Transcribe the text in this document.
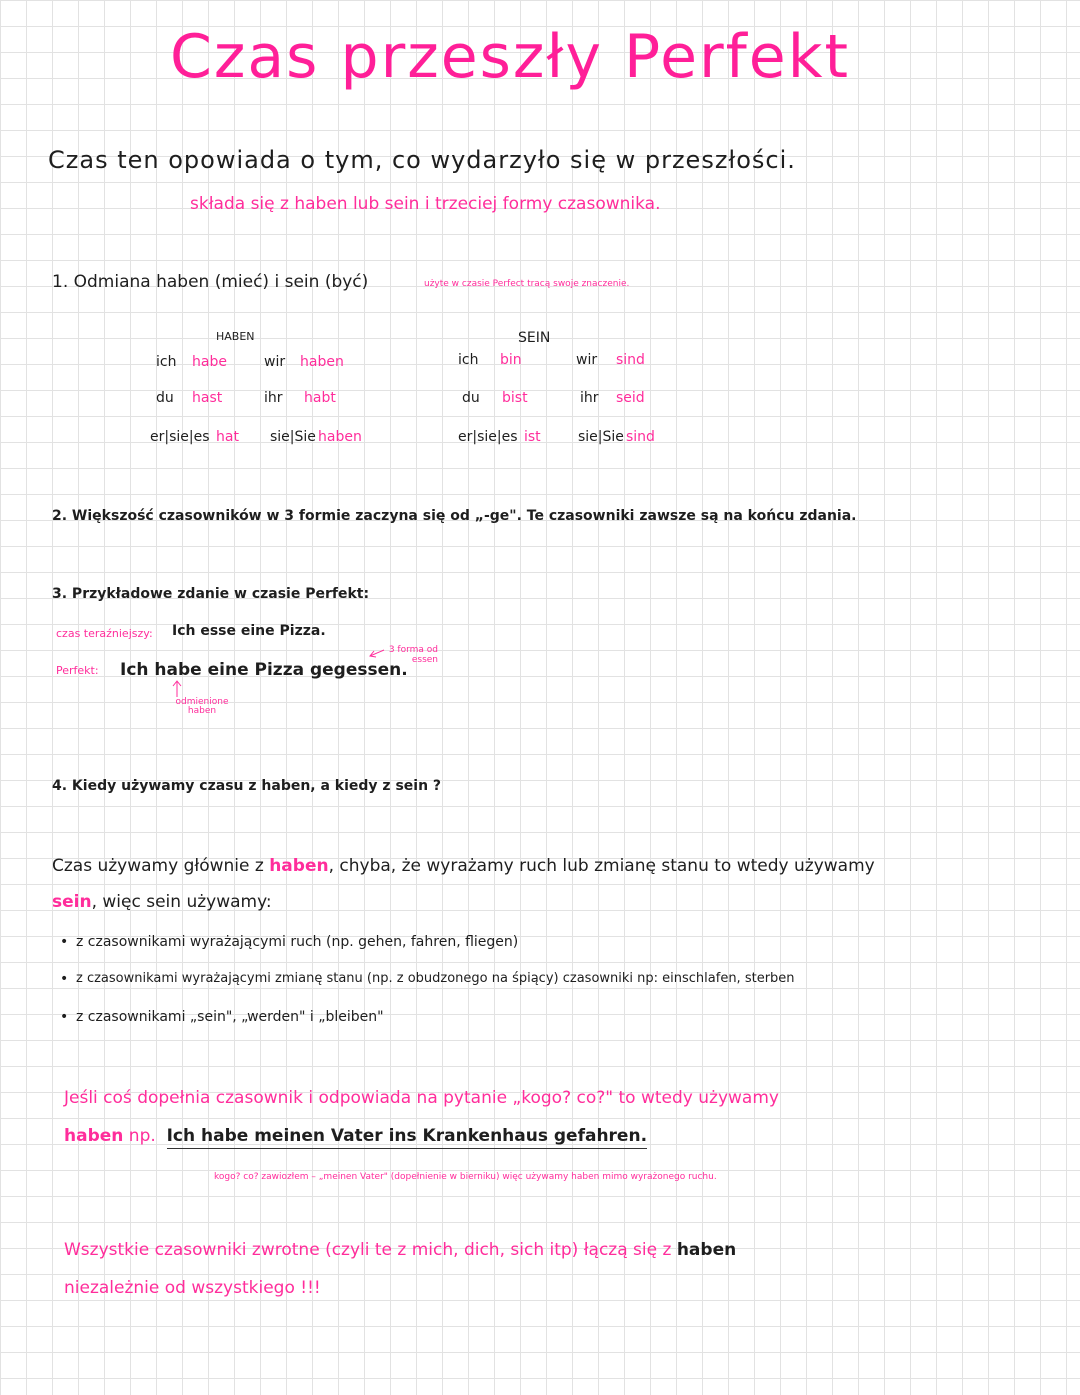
Czas przeszły Perfekt
Czas ten opowiada o tym, co wydarzyło się w przeszłości.
składa się z haben lub sein i trzeciej formy czasownika.
1. Odmiana haben (mieć) i sein (być)	użyte w czasie Perfect tracą swoje znaczenie.
HABEN
ich habe	wir haben
du hast	ihr habt
er|sie|es hat sie|Sie haben
SEIN
ich bin	wir sind
du bist	ihr seid
er|sie|es ist	sie|Sie sind
2. Większość czasowników w 3 formie zaczyna się od „-ge". Te czasowniki zawsze są na końcu zdania.
3. Przykładowe zdanie w czasie Perfekt:
czas teraźniejszy: Ich esse eine Pizza.
Perfekt: Ich habe eine Pizza gegessen.
3 forma od essen
odmienione haben
4. Kiedy używamy czasu z haben, a kiedy z sein ?
Czas używamy głównie z haben, chyba, że wyrażamy ruch lub zmianę stanu to wtedy używamy
sein, więc sein używamy:
• z czasownikami wyrażającymi ruch (np. gehen, fahren, fliegen)
• z czasownikami wyrażającymi zmianę stanu (np. z obudzonego na śpiący) czasowniki np: einschlafen, sterben
• z czasownikami „sein", „werden" i „bleiben"
Jeśli coś dopełnia czasownik i odpowiada na pytanie „kogo? co?" to wtedy używamy
haben np. Ich habe meinen Vater ins Krankenhaus gefahren.
kogo? co? zawiozłem – „meinen Vater" (dopełnienie w bierniku) więc używamy haben mimo wyrażonego ruchu.
Wszystkie czasowniki zwrotne (czyli te z mich, dich, sich itp) łączą się z haben
niezależnie od wszystkiego !!!
